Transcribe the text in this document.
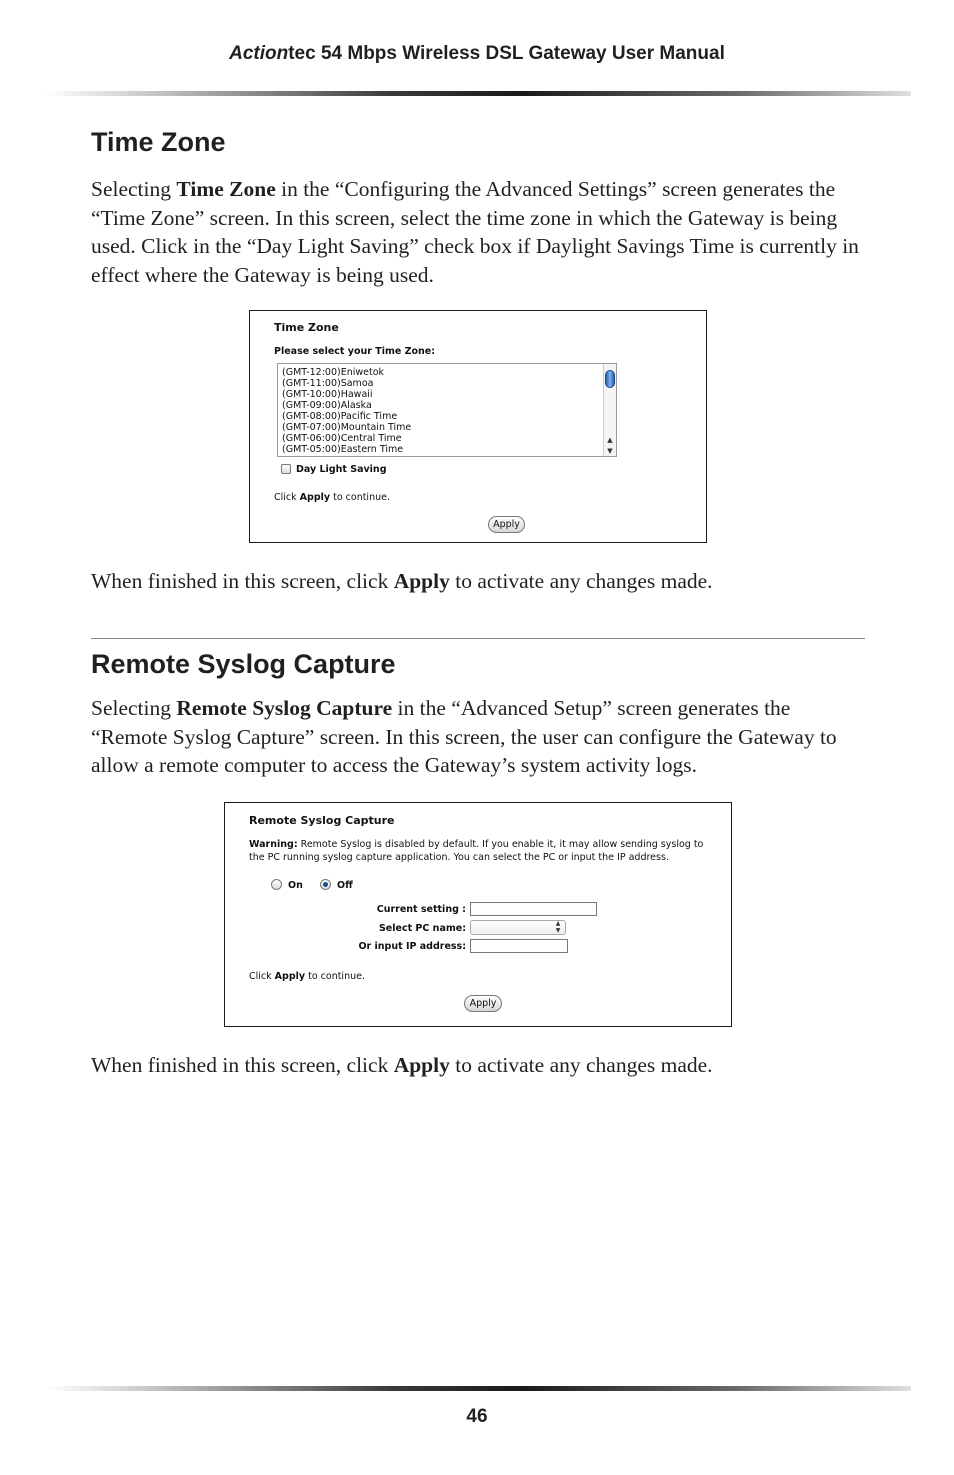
Actiontec 54 Mbps Wireless DSL Gateway User Manual
Time Zone

Selecting Time Zone in the “Configuring the Advanced Settings” screen generates the “Time Zone” screen. In this screen, select the time zone in which the Gateway is being used. Click in the “Day Light Saving” check box if Daylight Savings Time is currently in effect where the Gateway is being used.

Time Zone
Please select your Time Zone:
(GMT-12:00)Eniwetok
(GMT-11:00)Samoa
(GMT-10:00)Hawaii
(GMT-09:00)Alaska
(GMT-08:00)Pacific Time
(GMT-07:00)Mountain Time
(GMT-06:00)Central Time
(GMT-05:00)Eastern Time
▲
▼
Day Light Saving
Click Apply to continue.
Apply

When finished in this screen, click Apply to activate any changes made.

Remote Syslog Capture

Selecting Remote Syslog Capture in the “Advanced Setup” screen generates the “Remote Syslog Capture” screen. In this screen, the user can configure the Gateway to allow a remote computer to access the Gateway’s system activity logs.

Remote Syslog Capture
Warning: Remote Syslog is disabled by default. If you enable it, it may allow sending syslog to
the PC running syslog capture application. You can select the PC or input the IP address.
On	Off
Current setting :
Select PC name:	▲
▼
Or input IP address:
Click Apply to continue.
Apply

When finished in this screen, click Apply to activate any changes made.

46
